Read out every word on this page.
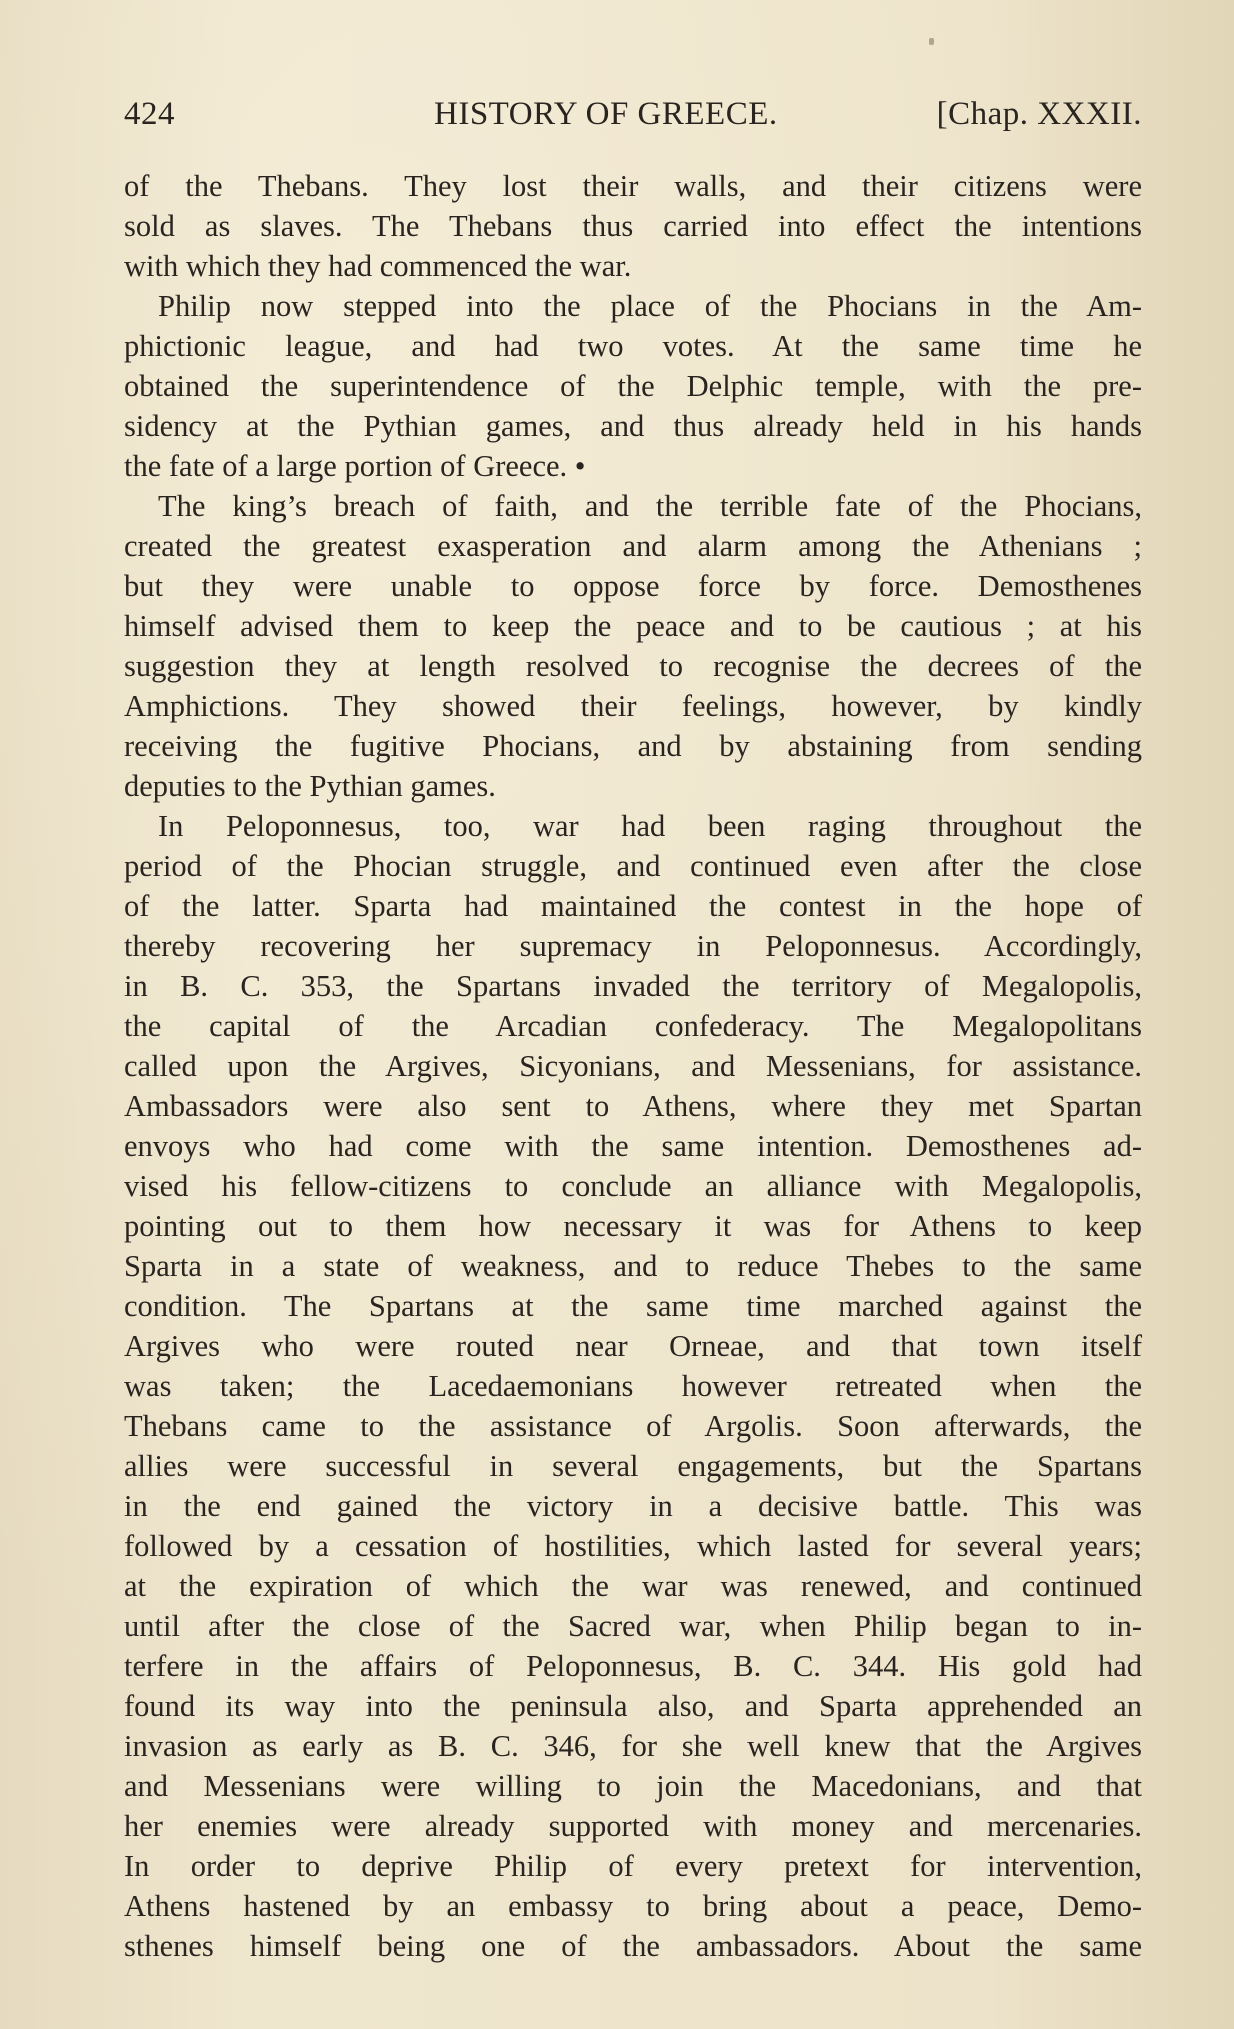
424	HISTORY OF GREECE.	[Chap. XXXII.
of the Thebans. They lost their walls, and their citizens were
sold as slaves. The Thebans thus carried into effect the intentions
with which they had commenced the war.
Philip now stepped into the place of the Phocians in the Am-
phictionic league, and had two votes. At the same time he
obtained the superintendence of the Delphic temple, with the pre-
sidency at the Pythian games, and thus already held in his hands
the fate of a large portion of Greece. •
The king’s breach of faith, and the terrible fate of the Phocians,
created the greatest exasperation and alarm among the Athenians ;
but they were unable to oppose force by force. Demosthenes
himself advised them to keep the peace and to be cautious ; at his
suggestion they at length resolved to recognise the decrees of the
Amphictions. They showed their feelings, however, by kindly
receiving the fugitive Phocians, and by abstaining from sending
deputies to the Pythian games.
In Peloponnesus, too, war had been raging throughout the
period of the Phocian struggle, and continued even after the close
of the latter. Sparta had maintained the contest in the hope of
thereby recovering her supremacy in Peloponnesus. Accordingly,
in B. C. 353, the Spartans invaded the territory of Megalopolis,
the capital of the Arcadian confederacy. The Megalopolitans
called upon the Argives, Sicyonians, and Messenians, for assistance.
Ambassadors were also sent to Athens, where they met Spartan
envoys who had come with the same intention. Demosthenes ad-
vised his fellow-citizens to conclude an alliance with Megalopolis,
pointing out to them how necessary it was for Athens to keep
Sparta in a state of weakness, and to reduce Thebes to the same
condition. The Spartans at the same time marched against the
Argives who were routed near Orneae, and that town itself
was taken; the Lacedaemonians however retreated when the
Thebans came to the assistance of Argolis. Soon afterwards, the
allies were successful in several engagements, but the Spartans
in the end gained the victory in a decisive battle. This was
followed by a cessation of hostilities, which lasted for several years;
at the expiration of which the war was renewed, and continued
until after the close of the Sacred war, when Philip began to in-
terfere in the affairs of Peloponnesus, B. C. 344. His gold had
found its way into the peninsula also, and Sparta apprehended an
invasion as early as B. C. 346, for she well knew that the Argives
and Messenians were willing to join the Macedonians, and that
her enemies were already supported with money and mercenaries.
In order to deprive Philip of every pretext for intervention,
Athens hastened by an embassy to bring about a peace, Demo-
sthenes himself being one of the ambassadors. About the same
